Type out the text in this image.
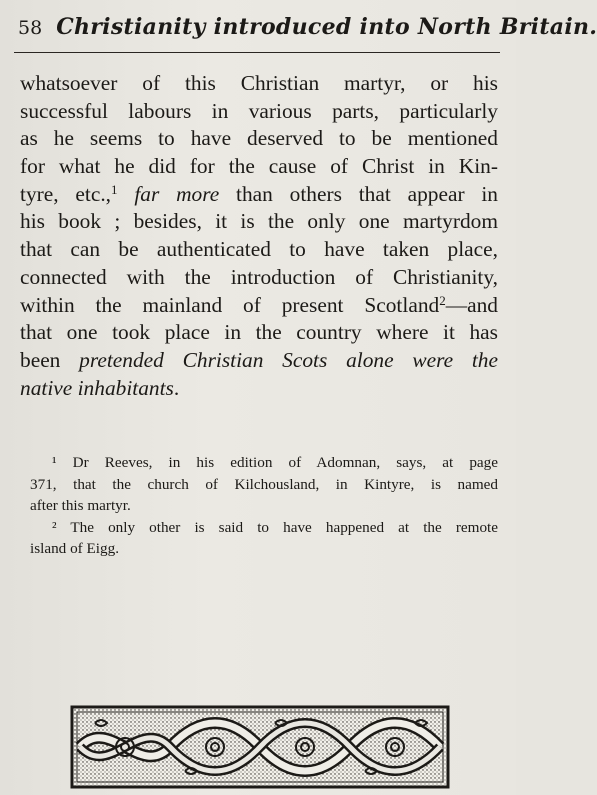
58 Christianity introduced into North Britain.
whatsoever of this Christian martyr, or his
successful labours in various parts, particularly
as he seems to have deserved to be mentioned
for what he did for the cause of Christ in Kin-
tyre, etc.,$^1$ far more than others that appear in
his book ; besides, it is the only one martyrdom
that can be authenticated to have taken place,
connected with the introduction of Christianity,
within the mainland of present Scotland$^2$—and
that one took place in the country where it has
been pretended Christian Scots alone were the
native inhabitants.
¹ Dr Reeves, in his edition of Adomnan, says, at page
371, that the church of Kilchousland, in Kintyre, is named
after this martyr.
² The only other is said to have happened at the remote
island of Eigg.
